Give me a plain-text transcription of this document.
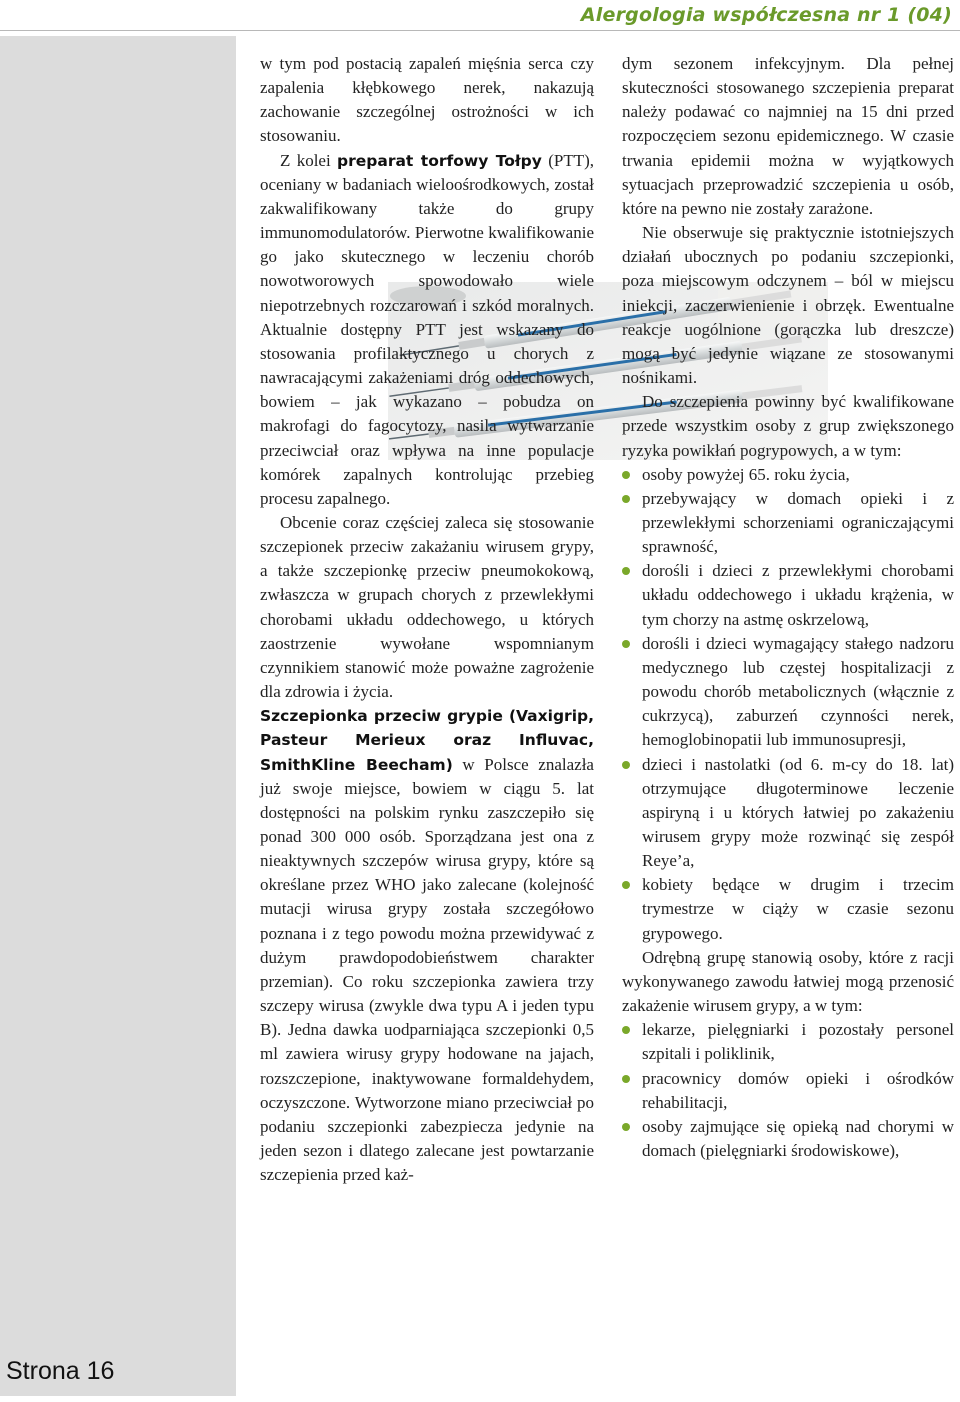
Alergologia współczesna nr 1 (04)
Strona 16

w tym pod postacią zapaleń mięśnia serca czy zapalenia kłębkowego nerek, nakazują zachowanie szczególnej ostrożności w ich stosowaniu.

Z kolei preparat torfowy Tołpy (PTT), oceniany w badaniach wieloośrodkowych, został zakwalifikowany także do grupy immunomodulatorów. Pierwotne kwalifikowanie go jako skutecznego w leczeniu chorób nowotworowych spowodowało wiele niepotrzebnych rozczarowań i szkód moralnych. Aktualnie dostępny PTT jest wskazany do stosowania profilaktycznego u chorych z nawracającymi zakażeniami dróg oddechowych, bowiem – jak wykazano – pobudza on makrofagi do fagocytozy, nasila wytwarzanie przeciwciał oraz wpływa na inne populacje komórek zapalnych kontrolując przebieg procesu zapalnego.

Obcenie coraz częściej zaleca się stosowanie szczepionek przeciw zakażaniu wirusem grypy, a także szczepionkę przeciw pneumokokową, zwłaszcza w grupach chorych z przewlekłymi chorobami układu oddechowego, u których zaostrzenie wywołane wspomnianym czynnikiem stanowić może poważne zagrożenie dla zdrowia i życia.

Szczepionka przeciw grypie (Vaxigrip, Pasteur Merieux oraz Influvac, SmithKline Beecham) w Polsce znalazła już swoje miejsce, bowiem w ciągu 5. lat dostępności na polskim rynku zaszczepiło się ponad 300 000 osób. Sporządzana jest ona z nieaktywnych szczepów wirusa grypy, które są określane przez WHO jako zalecane (kolejność mutacji wirusa grypy została szczegółowo poznana i z tego powodu można przewidywać z dużym prawdopodobieństwem charakter przemian). Co roku szczepionka zawiera trzy szczepy wirusa (zwykle dwa typu A i jeden typu B). Jedna dawka uodparniająca szczepionki 0,5 ml zawiera wirusy grypy hodowane na jajach, rozszczepione, inaktywowane formaldehydem, oczyszczone. Wytworzone miano przeciwciał po podaniu szczepionki zabezpiecza jedynie na jeden sezon i dlatego zalecane jest powtarzanie szczepienia przed każ-

dym sezonem infekcyjnym. Dla pełnej skuteczności stosowanego szczepienia preparat należy podawać co najmniej na 15 dni przed rozpoczęciem sezonu epidemicznego. W czasie trwania epidemii można w wyjątkowych sytuacjach przeprowadzić szczepienia u osób, które na pewno nie zostały zarażone.

Nie obserwuje się praktycznie istotniejszych działań ubocznych po podaniu szczepionki, poza miejscowym odczynem – ból w miejscu iniekcji, zaczerwienienie i obrzęk. Ewentualne reakcje uogólnione (gorączka lub dreszcze) mogą być jedynie wiązane ze stosowanymi nośnikami.

Do szczepienia powinny być kwalifikowane przede wszystkim osoby z grup zwiększonego ryzyka powikłań pogrypowych, a w tym:

osoby powyżej 65. roku życia,
przebywający w domach opieki i z przewlekłymi schorzeniami ograniczającymi sprawność,
dorośli i dzieci z przewlekłymi chorobami układu oddechowego i układu krążenia, w tym chorzy na astmę oskrzelową,
dorośli i dzieci wymagający stałego nadzoru medycznego lub częstej hospitalizacji z powodu chorób metabolicznych (włącznie z cukrzycą), zaburzeń czynności nerek, hemoglobinopatii lub immunosupresji,
dzieci i nastolatki (od 6. m-cy do 18. lat) otrzymujące długoterminowe leczenie aspiryną i u których łatwiej po zakażeniu wirusem grypy może rozwinąć się zespół Reye’a,
kobiety będące w drugim i trzecim trymestrze w ciąży w czasie sezonu grypowego.

Odrębną grupę stanowią osoby, które z racji wykonywanego zawodu łatwiej mogą przenosić zakażenie wirusem grypy, a w tym:

lekarze, pielęgniarki i pozostały personel szpitali i poliklinik,
pracownicy domów opieki i ośrodków rehabilitacji,
osoby zajmujące się opieką nad chorymi w domach (pielęgniarki środowiskowe),
